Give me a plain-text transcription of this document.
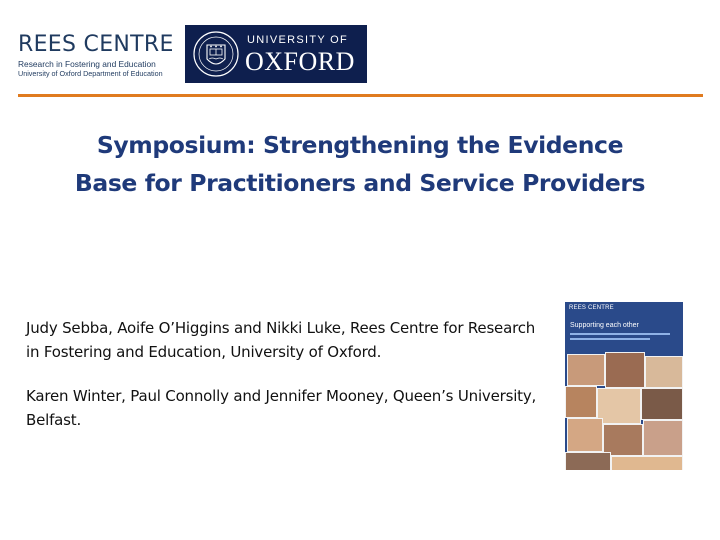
REES CENTRE
Research in Fostering and Education
University of Oxford Department of Education
UNIVERSITY OF
OXFORD
Symposium: Strengthening the Evidence
Base for Practitioners and Service Providers

Judy Sebba, Aoife O’Higgins and Nikki Luke, Rees Centre for Research in Fostering and Education, University of Oxford.

Karen Winter, Paul Connolly and Jennifer Mooney, Queen’s University, Belfast.

REES CENTRE
Supporting each other
